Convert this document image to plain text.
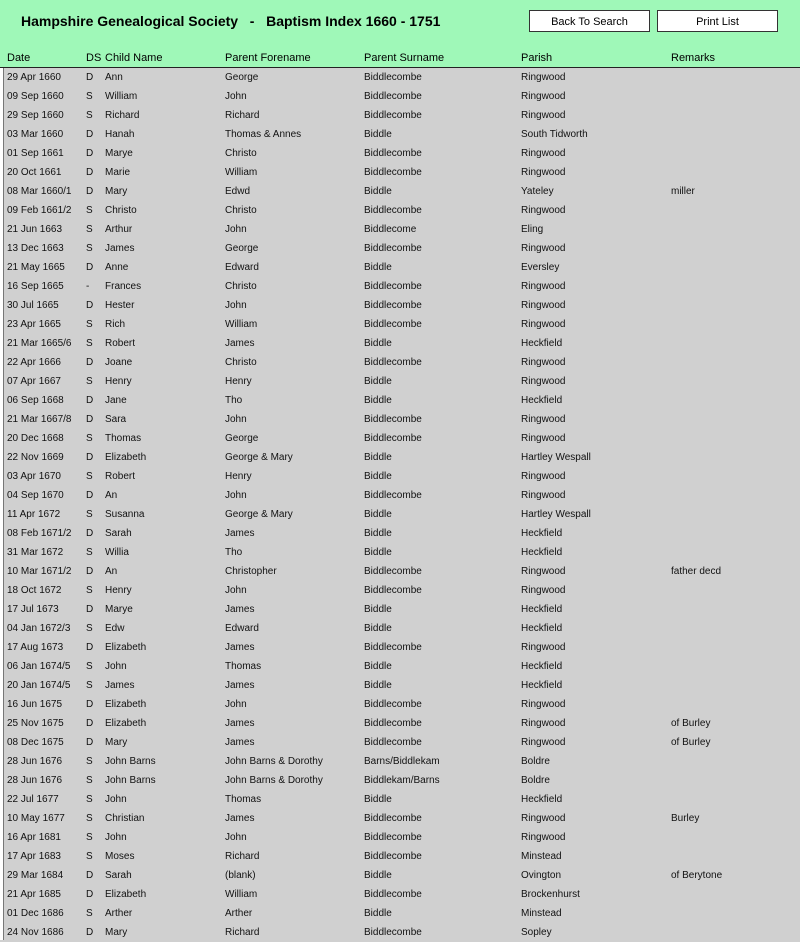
Hampshire Genealogical Society   -   Baptism Index 1660 - 1751	Back To Search	Print List
Date	DS Child Name	Parent Forename	Parent Surname	Parish	Remarks
29 Apr 1660	D Ann	George	Biddlecombe	Ringwood
09 Sep 1660 S William	John	Biddlecombe	Ringwood
29 Sep 1660 S Richard	Richard	Biddlecombe	Ringwood
03 Mar 1660 D Hanah	Thomas & Annes	Biddle	South Tidworth
01 Sep 1661 D Marye	Christo	Biddlecombe	Ringwood
20 Oct 1661 D Marie	William	Biddlecombe	Ringwood
08 Mar 1660/1 D Mary	Edwd	Biddle	Yateley	miller
09 Feb 1661/2 S Christo	Christo	Biddlecombe	Ringwood
21 Jun 1663 S Arthur	John	Biddlecome	Eling
13 Dec 1663 S James	George	Biddlecombe	Ringwood
21 May 1665 D Anne	Edward	Biddle	Eversley
16 Sep 1665 - Frances	Christo	Biddlecombe	Ringwood
30 Jul 1665	D Hester	John	Biddlecombe	Ringwood
23 Apr 1665	S Rich	William	Biddlecombe	Ringwood
21 Mar 1665/6 S Robert	James	Biddle	Heckfield
22 Apr 1666	D Joane	Christo	Biddlecombe	Ringwood
07 Apr 1667	S Henry	Henry	Biddle	Ringwood
06 Sep 1668 D Jane	Tho	Biddle	Heckfield
21 Mar 1667/8 D Sara	John	Biddlecombe	Ringwood
20 Dec 1668 S Thomas	George	Biddlecombe	Ringwood
22 Nov 1669 D Elizabeth	George & Mary	Biddle	Hartley Wespall
03 Apr 1670	S Robert	Henry	Biddle	Ringwood
04 Sep 1670 D An	John	Biddlecombe	Ringwood
11 Apr 1672	S Susanna	George & Mary	Biddle	Hartley Wespall
08 Feb 1671/2 D Sarah	James	Biddle	Heckfield
31 Mar 1672 S Willia	Tho	Biddle	Heckfield
10 Mar 1671/2 D An	Christopher	Biddlecombe	Ringwood	father decd
18 Oct 1672 S Henry	John	Biddlecombe	Ringwood
17 Jul 1673	D Marye	James	Biddle	Heckfield
04 Jan 1672/3 S Edw	Edward	Biddle	Heckfield
17 Aug 1673 D Elizabeth	James	Biddlecombe	Ringwood
06 Jan 1674/5 S John	Thomas	Biddle	Heckfield
20 Jan 1674/5 S James	James	Biddle	Heckfield
16 Jun 1675 D Elizabeth	John	Biddlecombe	Ringwood
25 Nov 1675 D Elizabeth	James	Biddlecombe	Ringwood	of Burley
08 Dec 1675 D Mary	James	Biddlecombe	Ringwood	of Burley
28 Jun 1676 S John Barns	John Barns & Dorothy	Barns/Biddlekam	Boldre
28 Jun 1676 S John Barns	John Barns & Dorothy	Biddlekam/Barns	Boldre
22 Jul 1677	S John	Thomas	Biddle	Heckfield
10 May 1677 S Christian	James	Biddlecombe	Ringwood	Burley
16 Apr 1681	S John	John	Biddlecombe	Ringwood
17 Apr 1683	S Moses	Richard	Biddlecombe	Minstead
29 Mar 1684 D Sarah	(blank)	Biddle	Ovington	of Berytone
21 Apr 1685	D Elizabeth	William	Biddlecombe	Brockenhurst
01 Dec 1686 S Arther	Arther	Biddle	Minstead
24 Nov 1686 D Mary	Richard	Biddlecombe	Sopley
